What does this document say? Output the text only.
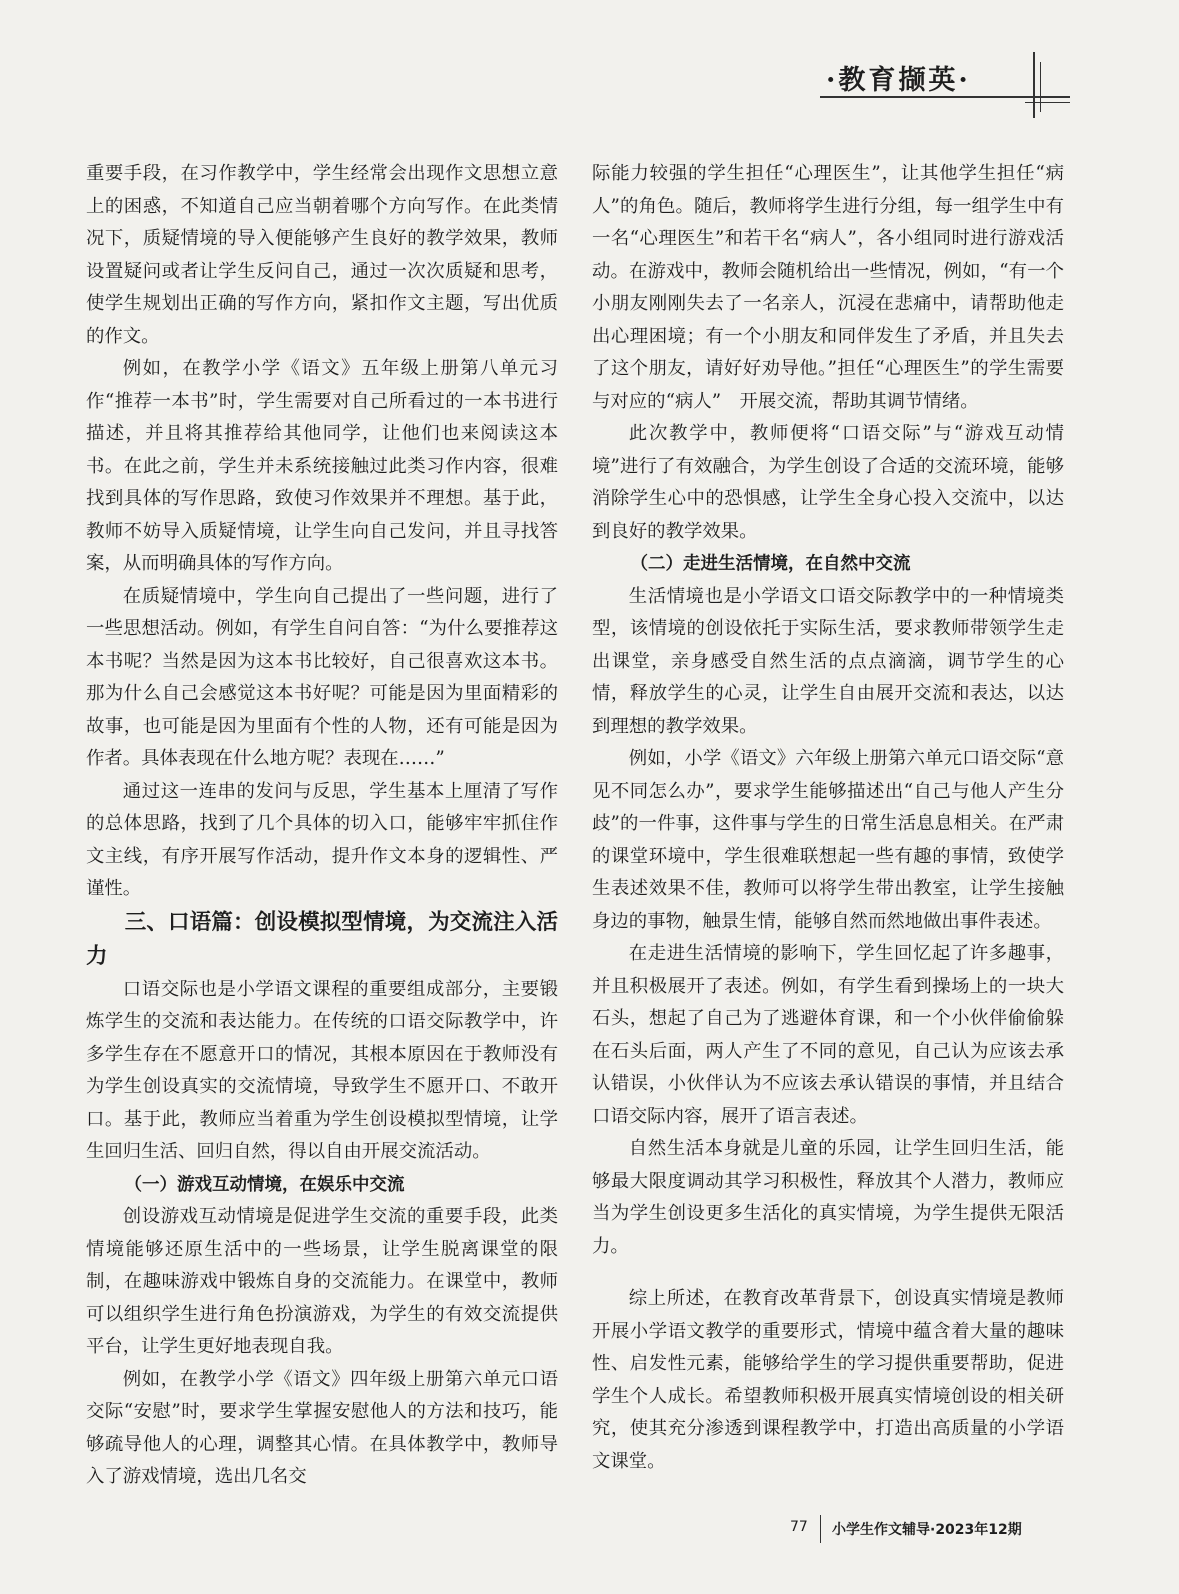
·教育撷英·

重要手段，在习作教学中，学生经常会出现作文思想立意上的困惑，不知道自己应当朝着哪个方向写作。在此类情况下，质疑情境的导入便能够产生良好的教学效果，教师设置疑问或者让学生反问自己，通过一次次质疑和思考，使学生规划出正确的写作方向，紧扣作文主题，写出优质的作文。

例如，在教学小学《语文》五年级上册第八单元习作“推荐一本书”时，学生需要对自己所看过的一本书进行描述，并且将其推荐给其他同学，让他们也来阅读这本书。在此之前，学生并未系统接触过此类习作内容，很难找到具体的写作思路，致使习作效果并不理想。基于此，教师不妨导入质疑情境，让学生向自己发问，并且寻找答案，从而明确具体的写作方向。

在质疑情境中，学生向自己提出了一些问题，进行了一些思想活动。例如，有学生自问自答：“为什么要推荐这本书呢？当然是因为这本书比较好，自己很喜欢这本书。那为什么自己会感觉这本书好呢？可能是因为里面精彩的故事，也可能是因为里面有个性的人物，还有可能是因为作者。具体表现在什么地方呢？表现在……”

通过这一连串的发问与反思，学生基本上厘清了写作的总体思路，找到了几个具体的切入口，能够牢牢抓住作文主线，有序开展写作活动，提升作文本身的逻辑性、严谨性。

三、口语篇：创设模拟型情境，为交流注入活力

口语交际也是小学语文课程的重要组成部分，主要锻炼学生的交流和表达能力。在传统的口语交际教学中，许多学生存在不愿意开口的情况，其根本原因在于教师没有为学生创设真实的交流情境，导致学生不愿开口、不敢开口。基于此，教师应当着重为学生创设模拟型情境，让学生回归生活、回归自然，得以自由开展交流活动。

（一）游戏互动情境，在娱乐中交流

创设游戏互动情境是促进学生交流的重要手段，此类情境能够还原生活中的一些场景，让学生脱离课堂的限制，在趣味游戏中锻炼自身的交流能力。在课堂中，教师可以组织学生进行角色扮演游戏，为学生的有效交流提供平台，让学生更好地表现自我。

例如，在教学小学《语文》四年级上册第六单元口语交际“安慰”时，要求学生掌握安慰他人的方法和技巧，能够疏导他人的心理，调整其心情。在具体教学中，教师导入了游戏情境，选出几名交

际能力较强的学生担任“心理医生”，让其他学生担任“病人”的角色。随后，教师将学生进行分组，每一组学生中有一名“心理医生”和若干名“病人”，各小组同时进行游戏活动。在游戏中，教师会随机给出一些情况，例如，“有一个小朋友刚刚失去了一名亲人，沉浸在悲痛中，请帮助他走出心理困境；有一个小朋友和同伴发生了矛盾，并且失去了这个朋友，请好好劝导他。”担任“心理医生”的学生需要与对应的“病人”　开展交流，帮助其调节情绪。

此次教学中，教师便将“口语交际”与“游戏互动情境”进行了有效融合，为学生创设了合适的交流环境，能够消除学生心中的恐惧感，让学生全身心投入交流中，以达到良好的教学效果。

（二）走进生活情境，在自然中交流

生活情境也是小学语文口语交际教学中的一种情境类型，该情境的创设依托于实际生活，要求教师带领学生走出课堂，亲身感受自然生活的点点滴滴，调节学生的心情，释放学生的心灵，让学生自由展开交流和表达，以达到理想的教学效果。

例如，小学《语文》六年级上册第六单元口语交际“意见不同怎么办”，要求学生能够描述出“自己与他人产生分歧”的一件事，这件事与学生的日常生活息息相关。在严肃的课堂环境中，学生很难联想起一些有趣的事情，致使学生表述效果不佳，教师可以将学生带出教室，让学生接触身边的事物，触景生情，能够自然而然地做出事件表述。

在走进生活情境的影响下，学生回忆起了许多趣事，并且积极展开了表述。例如，有学生看到操场上的一块大石头，想起了自己为了逃避体育课，和一个小伙伴偷偷躲在石头后面，两人产生了不同的意见，自己认为应该去承认错误，小伙伴认为不应该去承认错误的事情，并且结合口语交际内容，展开了语言表述。

自然生活本身就是儿童的乐园，让学生回归生活，能够最大限度调动其学习积极性，释放其个人潜力，教师应当为学生创设更多生活化的真实情境，为学生提供无限活力。

综上所述，在教育改革背景下，创设真实情境是教师开展小学语文教学的重要形式，情境中蕴含着大量的趣味性、启发性元素，能够给学生的学习提供重要帮助，促进学生个人成长。希望教师积极开展真实情境创设的相关研究，使其充分渗透到课程教学中，打造出高质量的小学语文课堂。

77 小学生作文辅导·2023年12期
